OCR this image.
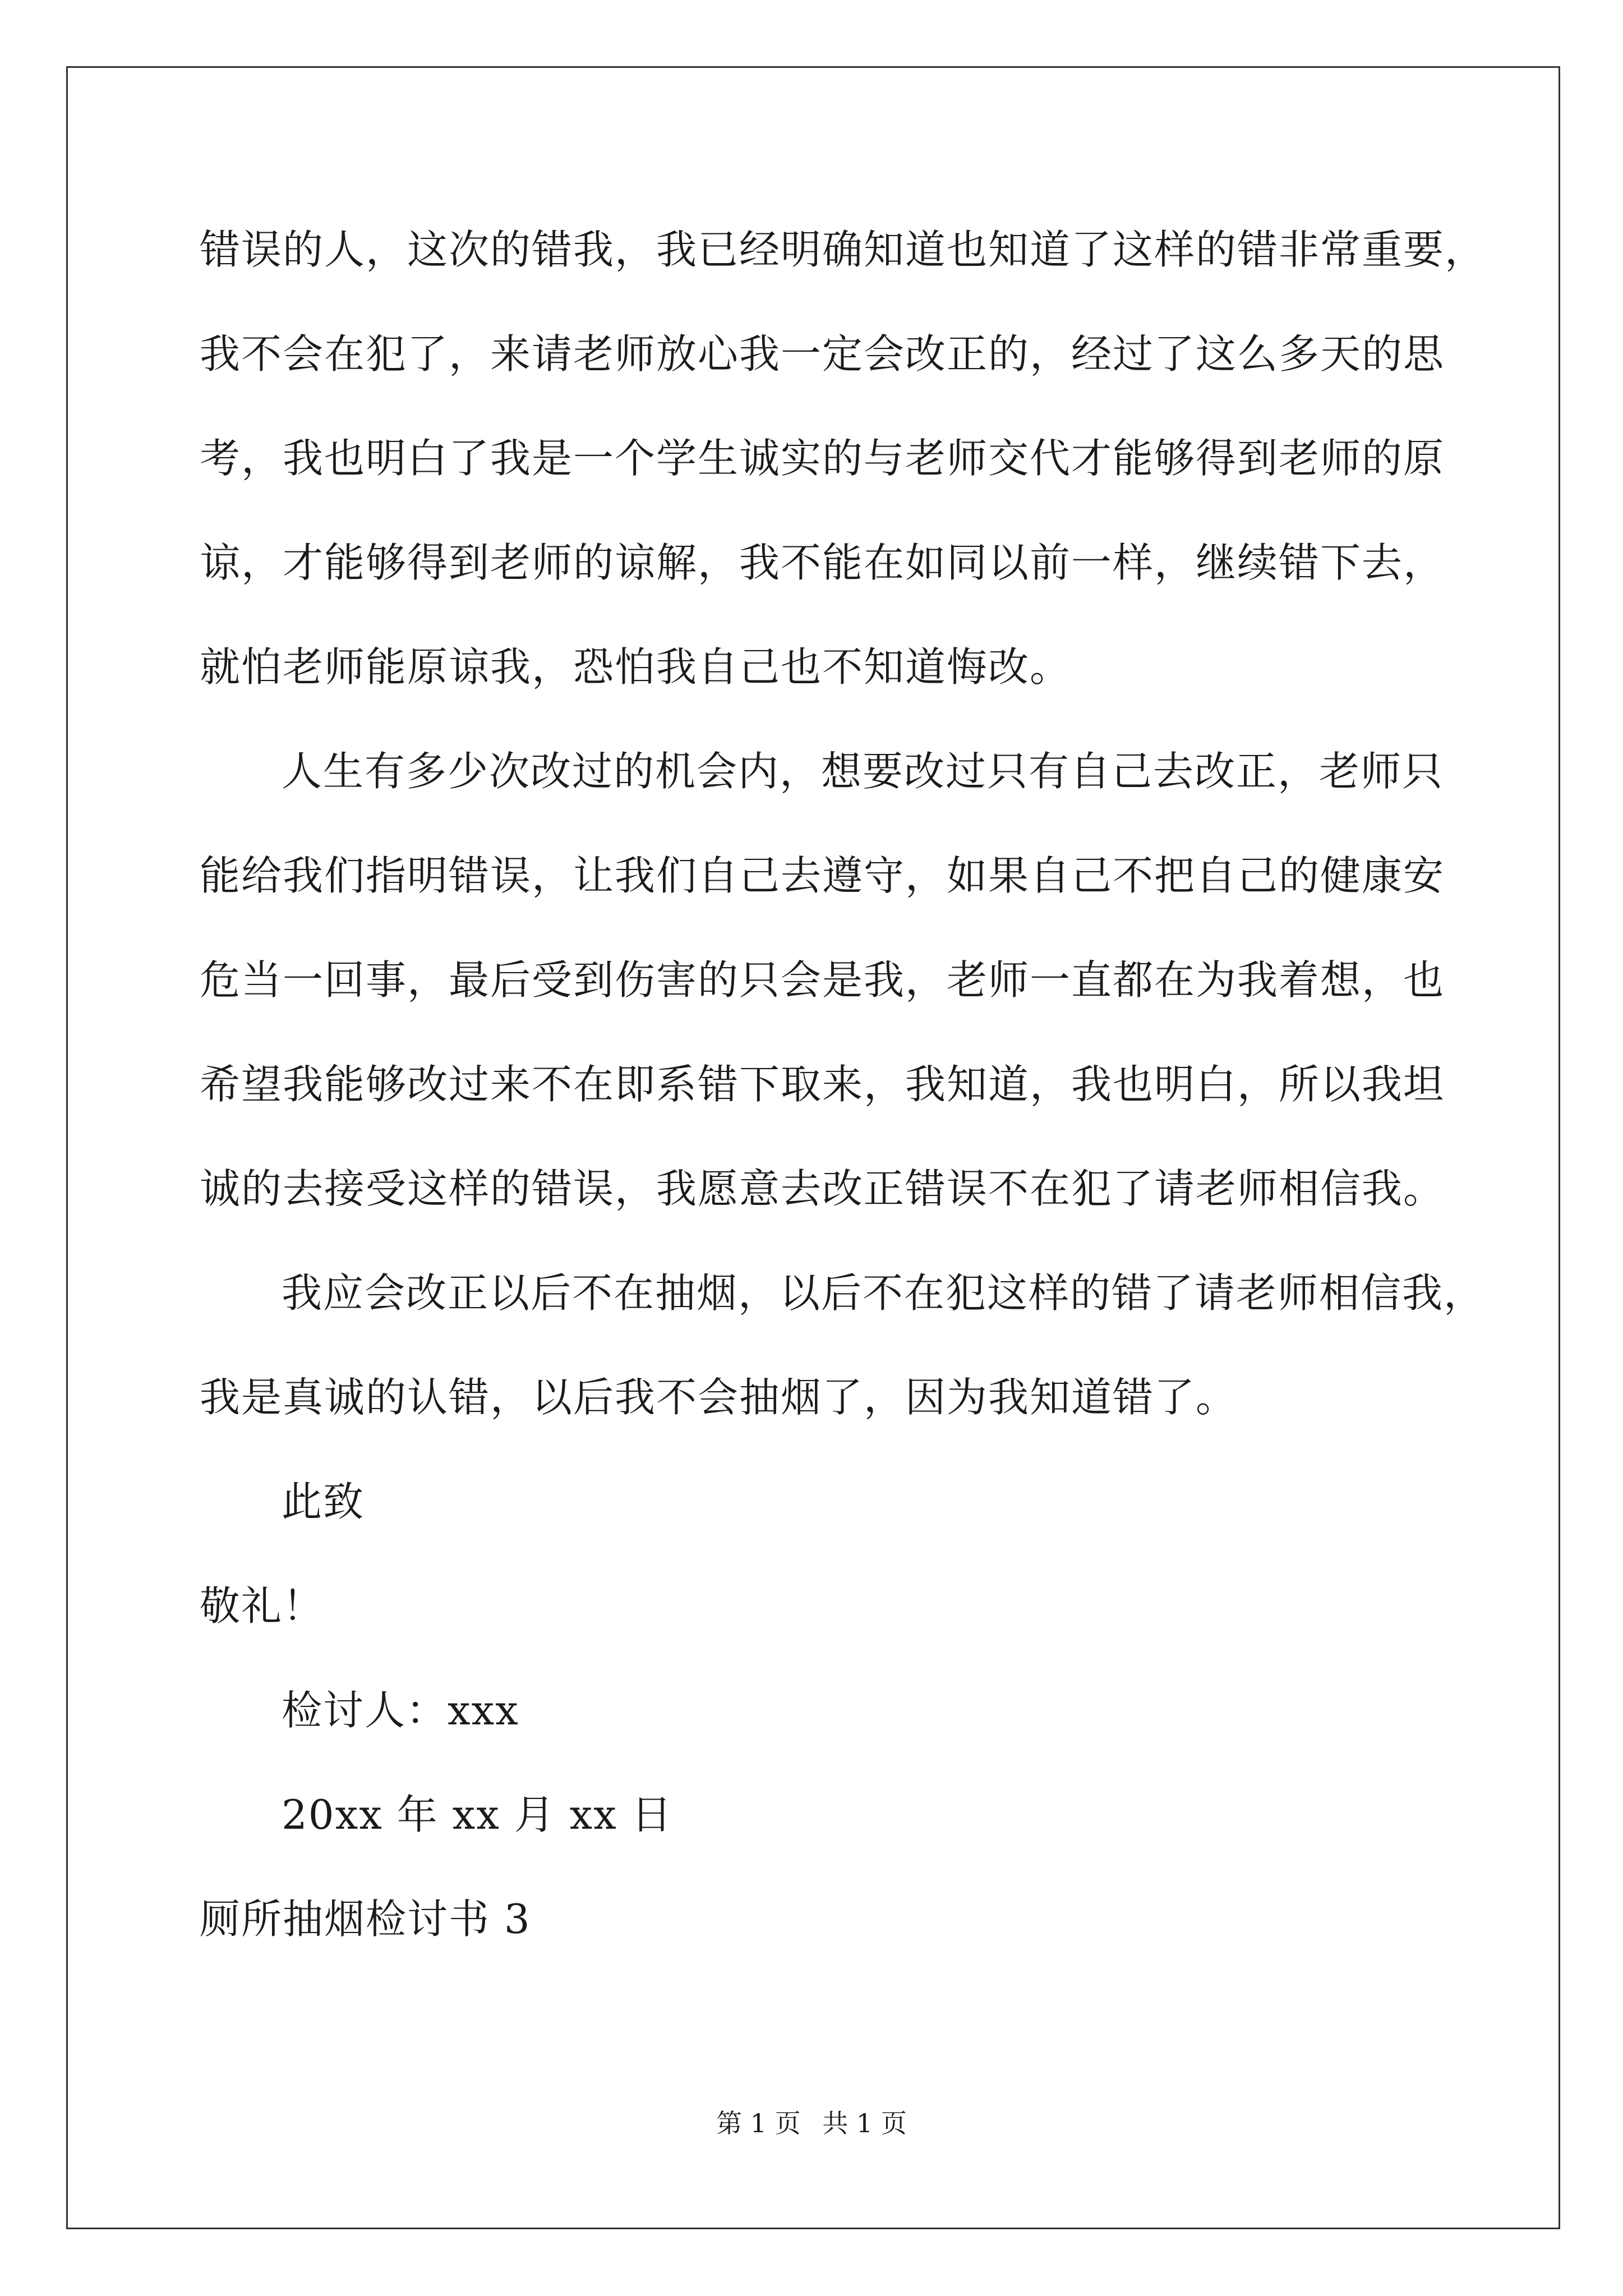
错误的人，这次的错我，我已经明确知道也知道了这样的错非常重要，
我不会在犯了，来请老师放心我一定会改正的，经过了这么多天的思
考，我也明白了我是一个学生诚实的与老师交代才能够得到老师的原
谅，才能够得到老师的谅解，我不能在如同以前一样，继续错下去，
就怕老师能原谅我，恐怕我自己也不知道悔改。
人生有多少次改过的机会内，想要改过只有自己去改正，老师只
能给我们指明错误，让我们自己去遵守，如果自己不把自己的健康安
危当一回事，最后受到伤害的只会是我，老师一直都在为我着想，也
希望我能够改过来不在即系错下取来，我知道，我也明白，所以我坦
诚的去接受这样的错误，我愿意去改正错误不在犯了请老师相信我。
我应会改正以后不在抽烟，以后不在犯这样的错了请老师相信我，
我是真诚的认错，以后我不会抽烟了，因为我知道错了。
此致
敬礼！
检讨人：xxx
20xx 年 xx 月 xx 日
厕所抽烟检讨书 3
第 1 页 共 1 页
